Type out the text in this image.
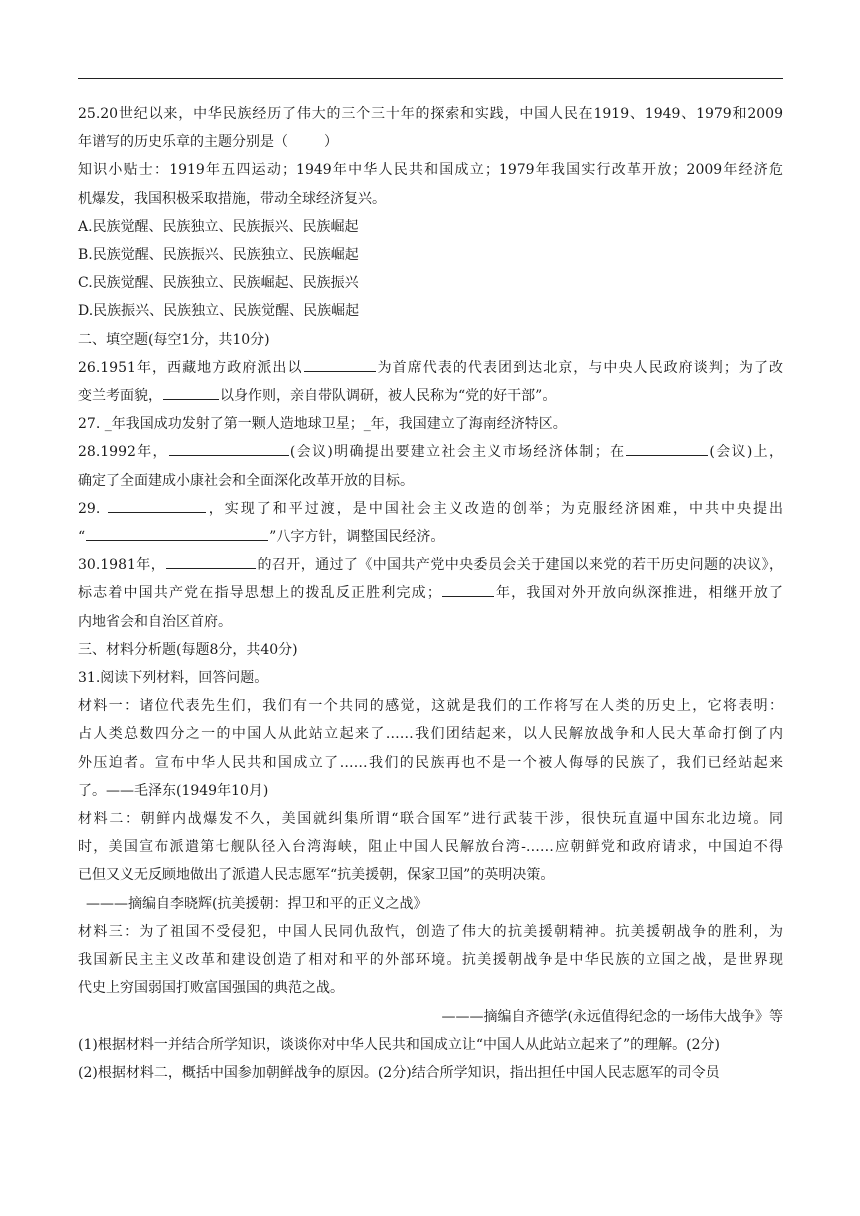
25.20世纪以来，中华民族经历了伟大的三个三十年的探索和实践，中国人民在1919、1949、1979和2009
年谱写的历史乐章的主题分别是（	）
知识小贴士：1919年五四运动；1949年中华人民共和国成立；1979年我国实行改革开放；2009年经济危
机爆发，我国积极采取措施，带动全球经济复兴。
A.民族觉醒、民族独立、民族振兴、民族崛起
B.民族觉醒、民族振兴、民族独立、民族崛起
C.民族觉醒、民族独立、民族崛起、民族振兴
D.民族振兴、民族独立、民族觉醒、民族崛起
二、填空题(每空1分，共10分)
26.1951年，西藏地方政府派出以	为首席代表的代表团到达北京，与中央人民政府谈判；为了改
变兰考面貌，	以身作则，亲自带队调研，被人民称为“党的好干部”。
27. _年我国成功发射了第一颗人造地球卫星；_年，我国建立了海南经济特区。
28.1992年，	(会议)明确提出要建立社会主义市场经济体制；在	(会议)上，
确定了全面建成小康社会和全面深化改革开放的目标。
29.	，实现了和平过渡，是中国社会主义改造的创举；为克服经济困难，中共中央提出
“	”八字方针，调整国民经济。
30.1981年，	的召开，通过了《中国共产党中央委员会关于建国以来党的若干历史问题的决议》，
标志着中国共产党在指导思想上的拨乱反正胜利完成；	年，我国对外开放向纵深推进，相继开放了
内地省会和自治区首府。
三、材料分析题(每题8分，共40分)
31.阅读下列材料，回答问题。
材料一：诸位代表先生们，我们有一个共同的感觉，这就是我们的工作将写在人类的历史上，它将表明：
占人类总数四分之一的中国人从此站立起来了……我们团结起来，以人民解放战争和人民大革命打倒了内
外压迫者。宣布中华人民共和国成立了……我们的民族再也不是一个被人侮辱的民族了，我们已经站起来
了。——毛泽东(1949年10月)
材料二：朝鲜内战爆发不久，美国就纠集所谓“联合国军”进行武装干涉，很快玩直逼中国东北边境。同
时，美国宣布派遣第七舰队径入台湾海峡，阻止中国人民解放台湾-……应朝鲜党和政府请求，中国迫不得
已但又义无反顾地做出了派遣人民志愿军“抗美援朝，保家卫国”的英明决策。
———摘编自李晓辉(抗美援朝：捍卫和平的正义之战》
材料三：为了祖国不受侵犯，中国人民同仇敌忾，创造了伟大的抗美援朝精神。抗美援朝战争的胜利，为
我国新民主主义改革和建设创造了相对和平的外部环境。抗美援朝战争是中华民族的立国之战，是世界现
代史上穷国弱国打败富国强国的典范之战。
———摘编自齐德学(永远值得纪念的一场伟大战争》等
(1)根据材料一并结合所学知识，谈谈你对中华人民共和国成立让“中国人从此站立起来了”的理解。(2分)
(2)根据材料二，概括中国参加朝鲜战争的原因。(2分)结合所学知识，指出担任中国人民志愿军的司令员
